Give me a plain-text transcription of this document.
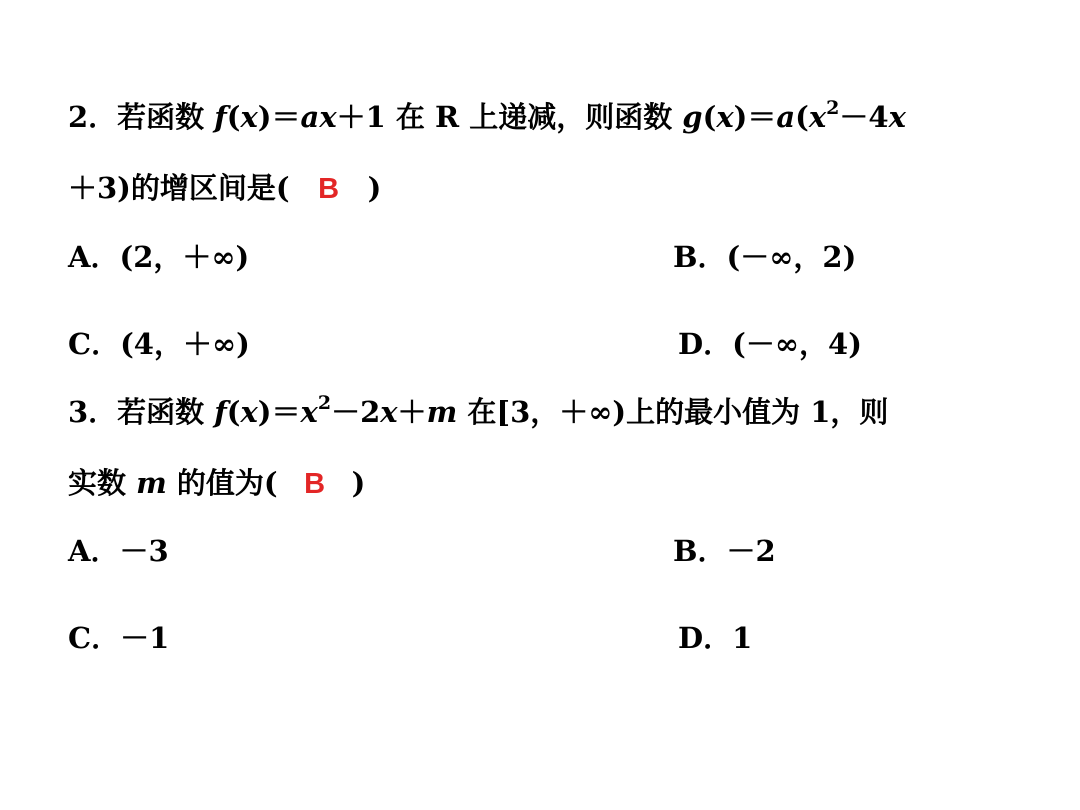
2．若函数 f(x)＝ax＋1 在 R 上递减，则函数 $g(x)=a(x^2-4x$
＋3)的增区间是( B )
A．(2，＋∞)	B．(－∞，2)
C．(4，＋∞)	D．(－∞，4)
3．若函数 $f(x)=x^2-2x+m$ 在[3，＋∞)上的最小值为 1，则
实数 m 的值为( B )
A．－3	B．－2
C．－1	D．1
